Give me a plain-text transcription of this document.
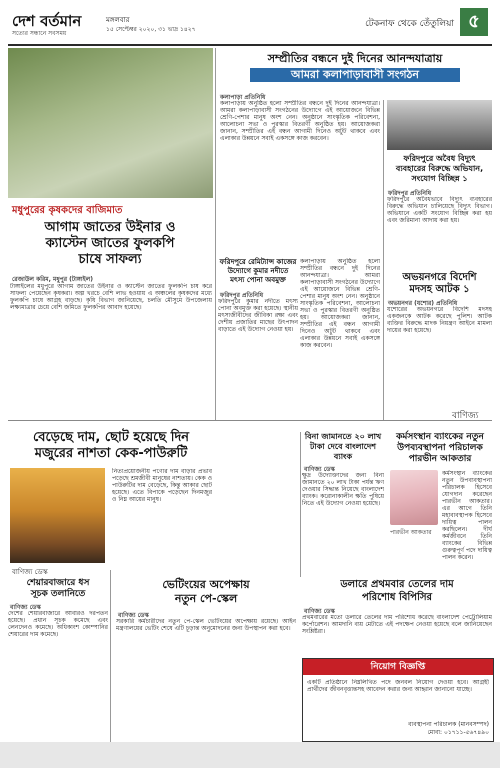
দেশ বর্তমান
সত্যের সন্ধানে সবসময়
মঙ্গলবার
১৫ সেপ্টেম্বর ২০২০, ৩১ ভাদ্র ১৪২৭
টেকনাফ থেকে তেঁতুলিয়া ৫
মধুপুরের কৃষকদের বাজিমাত
আগাম জাতের উইনার ও
ক্যাস্টেন জাতের ফুলকপি
চাষে সাফল্য
রেজাউল করিম, মধুপুর (টাঙ্গাইল)
টাঙ্গাইলের মধুপুরে আগাম জাতের উইনার ও ক্যাস্টেন জাতের ফুলকপি চাষ করে সাফল্য পেয়েছেন কৃষকরা। অল্প খরচে বেশি লাভ হওয়ায় এ অঞ্চলের কৃষকদের মধ্যে ফুলকপি চাষে আগ্রহ বাড়ছে। কৃষি বিভাগ জানিয়েছে, চলতি মৌসুমে উপজেলায় লক্ষ্যমাত্রার চেয়ে বেশি জমিতে ফুলকপির আবাদ হয়েছে।
ফরিদপুরে রেমিট্যান্স কাজের
উদ্যোগে কুমার নদীতে
মৎস্য পোনা অবমুক্ত
ফরিদপুর প্রতিনিধি
ফরিদপুরে কুমার নদীতে মৎস্য পোনা অবমুক্ত করা হয়েছে। স্থানীয় মৎস্যজীবীদের জীবিকা রক্ষা এবং দেশীয় প্রজাতির মাছের উৎপাদন বাড়াতে এই উদ্যোগ নেওয়া হয়।
সম্প্রীতির বন্ধনে দুই দিনের আনন্দযাত্রায়
আমরা কলাপাড়াবাসী সংগঠন
কলাপাড়া প্রতিনিধি
কলাপাড়ায় অনুষ্ঠিত হলো সম্প্রীতির বন্ধনে দুই দিনের আনন্দযাত্রা। আমরা কলাপাড়াবাসী সংগঠনের উদ্যোগে এই আয়োজনে বিভিন্ন শ্রেণি-পেশার মানুষ অংশ নেন। অনুষ্ঠানে সাংস্কৃতিক পরিবেশনা, আলোচনা সভা ও পুরস্কার বিতরণী অনুষ্ঠিত হয়। আয়োজকরা জানান, সম্প্রীতির এই বন্ধন আগামী দিনেও অটুট থাকবে এবং এলাকার উন্নয়নে সবাই একসঙ্গে কাজ করবেন।
কলাপাড়ায় অনুষ্ঠিত হলো সম্প্রীতির বন্ধনে দুই দিনের আনন্দযাত্রা। আমরা কলাপাড়াবাসী সংগঠনের উদ্যোগে এই আয়োজনে বিভিন্ন শ্রেণি-পেশার মানুষ অংশ নেন। অনুষ্ঠানে সাংস্কৃতিক পরিবেশনা, আলোচনা সভা ও পুরস্কার বিতরণী অনুষ্ঠিত হয়। আয়োজকরা জানান, সম্প্রীতির এই বন্ধন আগামী দিনেও অটুট থাকবে এবং এলাকার উন্নয়নে সবাই একসঙ্গে কাজ করবেন।
ফরিদপুরে অবৈধ বিদ্যুৎ
ব্যবহারের বিরুদ্ধে অভিযান,
সংযোগ বিচ্ছিন্ন ১
ফরিদপুর প্রতিনিধি
ফরিদপুরে অবৈধভাবে বিদ্যুৎ ব্যবহারের বিরুদ্ধে অভিযান চালিয়েছে বিদ্যুৎ বিভাগ। অভিযানে একটি সংযোগ বিচ্ছিন্ন করা হয় এবং জরিমানা আদায় করা হয়।
অভয়নগরে বিদেশি
মদসহ আটক ১
অভয়নগর (যশোর) প্রতিনিধি
যশোরের অভয়নগরে বিদেশি মদসহ একজনকে আটক করেছে পুলিশ। আটক ব্যক্তির বিরুদ্ধে মাদক নিয়ন্ত্রণ আইনে মামলা দায়ের করা হয়েছে।
বাণিজ্য
বেড়েছে দাম, ছোট হয়েছে দিন
মজুরের নাশতা কেক-পাউরুটি
বাণিজ্য ডেস্ক
নিত্যপ্রয়োজনীয় পণ্যের দাম বাড়ার প্রভাব পড়েছে শ্রমজীবী মানুষের নাশতায়। কেক ও পাউরুটির দাম বেড়েছে, কিন্তু আকার ছোট হয়েছে। এতে বিপাকে পড়েছেন দিনমজুর ও নিম্ন আয়ের মানুষ।
শেয়ারবাজারে ধস
সূচক তলানিতে
বাণিজ্য ডেস্ক
দেশের শেয়ারবাজারে আবারও দরপতন হয়েছে। প্রধান সূচক কমেছে এবং লেনদেনও কমেছে। অধিকাংশ কোম্পানির শেয়ারের দাম কমেছে।
ভেটিংয়ের অপেক্ষায়
নতুন পে-স্কেল
বাণিজ্য ডেস্ক
সরকারি কর্মচারীদের নতুন পে-স্কেল ভেটিংয়ের অপেক্ষায় রয়েছে। আইন মন্ত্রণালয়ের ভেটিং শেষে এটি চূড়ান্ত অনুমোদনের জন্য উপস্থাপন করা হবে।
বিনা জামানতে ২০ লাখ
টাকা দেবে বাংলাদেশ
ব্যাংক
বাণিজ্য ডেস্ক
ক্ষুদ্র উদ্যোক্তাদের জন্য বিনা জামানতে ২০ লাখ টাকা পর্যন্ত ঋণ দেওয়ার সিদ্ধান্ত নিয়েছে বাংলাদেশ ব্যাংক। করোনাকালীন ক্ষতি পুষিয়ে নিতে এই উদ্যোগ নেওয়া হয়েছে।
কর্মসংস্থান ব্যাংকের নতুন
উপব্যবস্থাপনা পরিচালক
পারভীন আকতার
পারভীন আকতার
কর্মসংস্থান ব্যাংকের নতুন উপব্যবস্থাপনা পরিচালক হিসেবে যোগদান করেছেন পারভীন আকতার। এর আগে তিনি মহাব্যবস্থাপক হিসেবে দায়িত্ব পালন করছিলেন। দীর্ঘ কর্মজীবনে তিনি ব্যাংকের বিভিন্ন গুরুত্বপূর্ণ পদে দায়িত্ব পালন করেন।
ডলারে প্রথমবার তেলের দাম
পরিশোধ বিপিসির
বাণিজ্য ডেস্ক
প্রথমবারের মতো ডলারে তেলের দাম পরিশোধ করেছে বাংলাদেশ পেট্রোলিয়াম কর্পোরেশন। আমদানি ব্যয় মেটাতে এই পদক্ষেপ নেওয়া হয়েছে বলে জানিয়েছেন সংশ্লিষ্টরা।
নিয়োগ বিজ্ঞপ্তি
একটি প্রতিষ্ঠানে নিম্নলিখিত পদে জনবল নিয়োগ দেওয়া হবে। আগ্রহী প্রার্থীদের জীবনবৃত্তান্তসহ আবেদন করার জন্য আহ্বান জানানো যাচ্ছে।
ব্যবস্থাপনা পরিচালক (মানবসম্পদ)
মোবা: ০১৭১১-৫৬৭৪৯০
